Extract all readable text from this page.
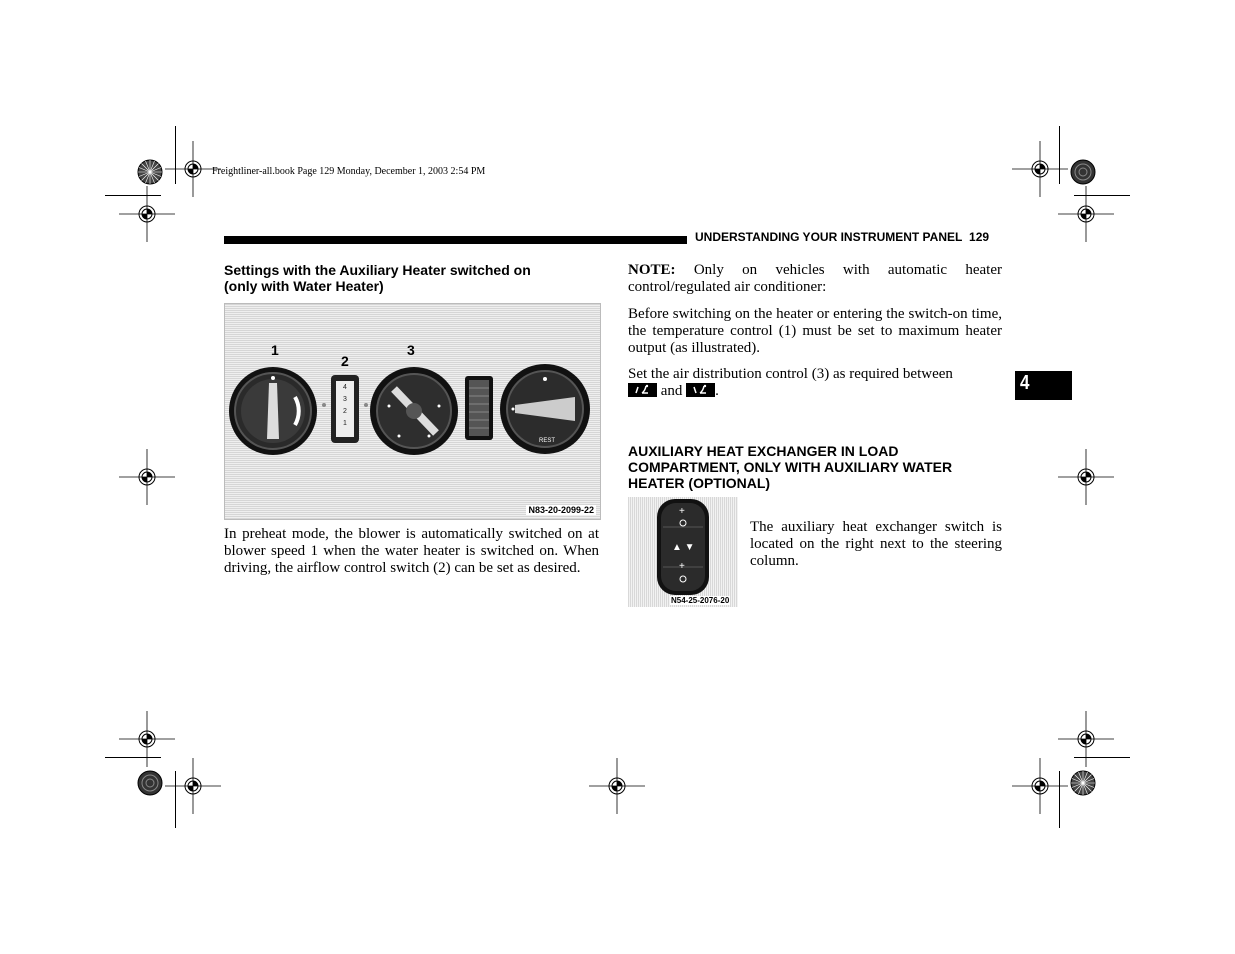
Freightliner-all.book Page 129 Monday, December 1, 2003 2:54 PM
UNDERSTANDING YOUR INSTRUMENT PANEL 129
4
Settings with the Auxiliary Heater switched on
(only with Water Heater)
4
3
2
1
1
2
3
REST
N83-20-2099-22
In preheat mode, the blower is automatically switched on at blower speed 1 when the water heater is switched on. When driving, the airflow control switch (2) can be set as desired.
NOTE: Only on vehicles with automatic heater control/regulated air conditioner:
Before switching on the heater or entering the switch-on time, the temperature control (1) must be set to maximum heater output (as illustrated).
Set the air distribution control (3) as required between

and
.
AUXILIARY HEAT EXCHANGER IN LOAD COMPARTMENT, ONLY WITH AUXILIARY WATER HEATER (OPTIONAL)
+
▲ ▼
+
N54-25-2076-20
The auxiliary heat exchanger switch is located on the right next to the steering column.
